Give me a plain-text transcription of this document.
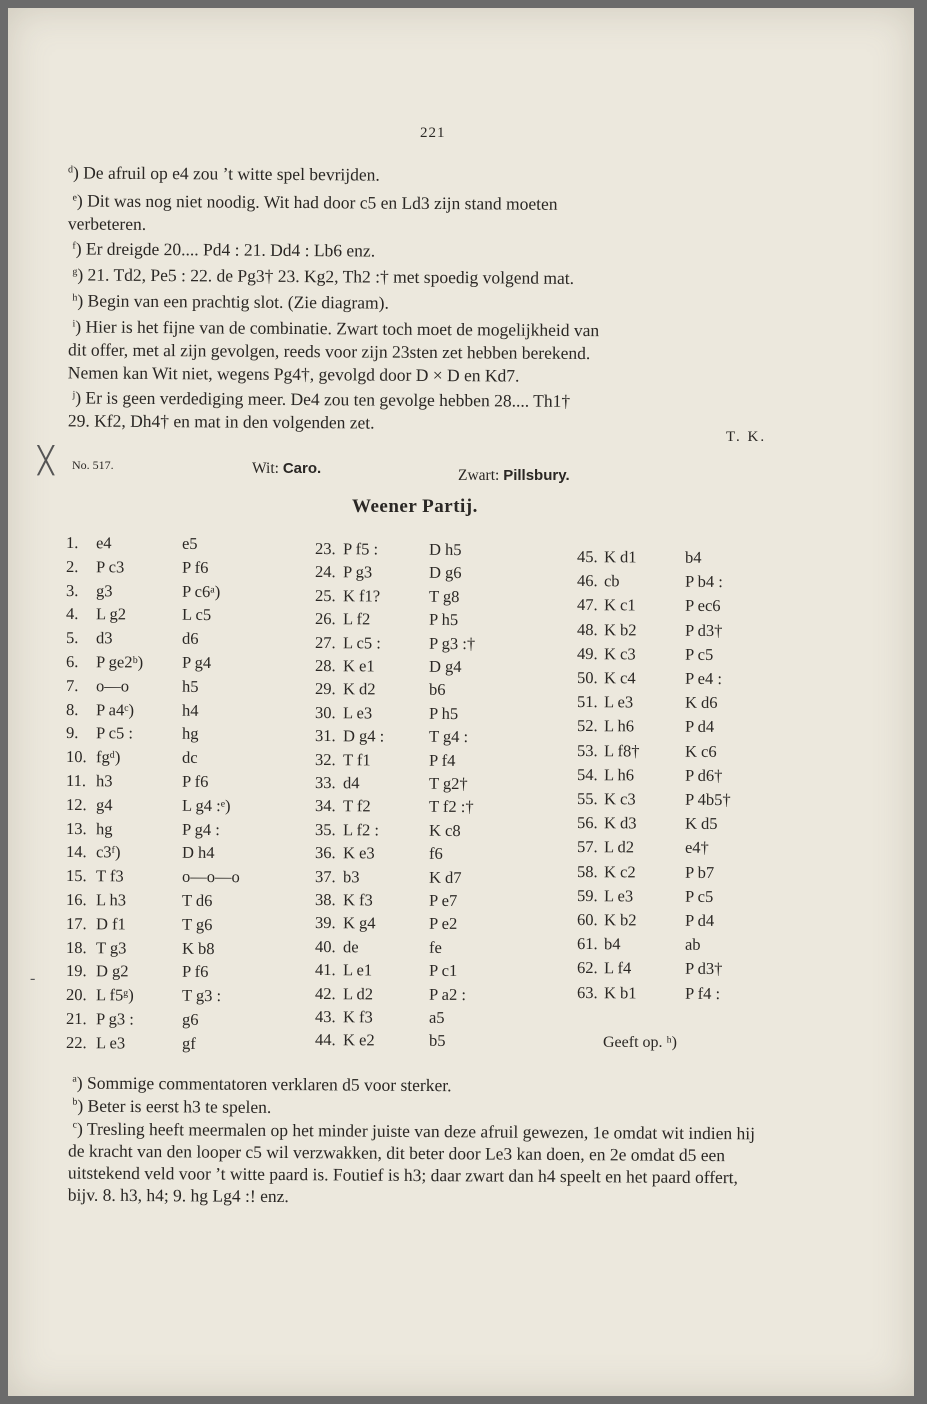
221
$^d$) De afruil op e4 zou ’t witte spel bevrijden.
$^e$) Dit was nog niet noodig. Wit had door c5 en Ld3 zijn stand moeten
verbeteren.
$^f$) Er dreigde 20.... Pd4 : 21. Dd4 : Lb6 enz.
$^g$) 21. Td2, Pe5 : 22. de Pg3† 23. Kg2, Th2 :† met spoedig volgend mat.
$^h$) Begin van een prachtig slot. (Zie diagram).
$^i$) Hier is het fijne van de combinatie. Zwart toch moet de mogelijkheid van
dit offer, met al zijn gevolgen, reeds voor zijn 23sten zet hebben berekend.
Nemen kan Wit niet, wegens Pg4†, gevolgd door D × D en Kd7.
$^j$) Er is geen verdediging meer. De4 zou ten gevolge hebben 28.... Th1†
29. Kf2, Dh4† en mat in den volgenden zet.
T. K.
╳ No. 517.	Wit: Caro.	Zwart: Pillsbury.
Weener Partij.
-
1. e4	e5
2. P c3	P f6
3. g3	P c6ᵃ)
4. L g2	L c5
5. d3	d6
6. P ge2ᵇ) P g4
7. o—o	h5
8. P a4ᶜ)	h4
9. P c5 :	hg
10. fgᵈ)	dc
11. h3	P f6
12. g4	L g4 :ᵉ)
13. hg	P g4 :
14. c3ᶠ)	D h4
15. T f3	o—o—o
16. L h3	T d6
17. D f1	T g6
18. T g3	K b8
19. D g2	P f6
20. L f5ᵍ)	T g3 :
21. P g3 :	g6
22. L e3	gf
23. P f5 :	D h5
24. P g3	D g6
25. K f1?	T g8
26. L f2	P h5
27. L c5 :	P g3 :†
28. K e1	D g4
29. K d2	b6
30. L e3	P h5
31. D g4 :	T g4 :
32. T f1	P f4
33. d4	T g2†
34. T f2	T f2 :†
35. L f2 :	K c8
36. K e3	f6
37. b3	K d7
38. K f3	P e7
39. K g4	P e2
40. de	fe
41. L e1	P c1
42. L d2	P a2 :
43. K f3	a5
44. K e2	b5
45. K d1	b4
46. cb	P b4 :
47. K c1	P ec6
48. K b2	P d3†
49. K c3	P c5
50. K c4	P e4 :
51. L e3	K d6
52. L h6	P d4
53. L f8†	K c6
54. L h6	P d6†
55. K c3	P 4b5†
56. K d3	K d5
57. L d2	e4†
58. K c2	P b7
59. L e3	P c5
60. K b2	P d4
61. b4	ab
62. L f4	P d3†
63. K b1	P f4 :
Geeft op. ʰ)
$^a$) Sommige commentatoren verklaren d5 voor sterker.
$^b$) Beter is eerst h3 te spelen.
$^c$) Tresling heeft meermalen op het minder juiste van deze afruil gewezen, 1e omdat wit indien hij de kracht van den looper c5 wil verzwakken, dit beter door Le3 kan doen, en 2e omdat d5 een uitstekend veld voor ’t witte paard is. Foutief is h3; daar zwart dan h4 speelt en het paard offert, bijv. 8. h3, h4; 9. hg Lg4 :! enz.
